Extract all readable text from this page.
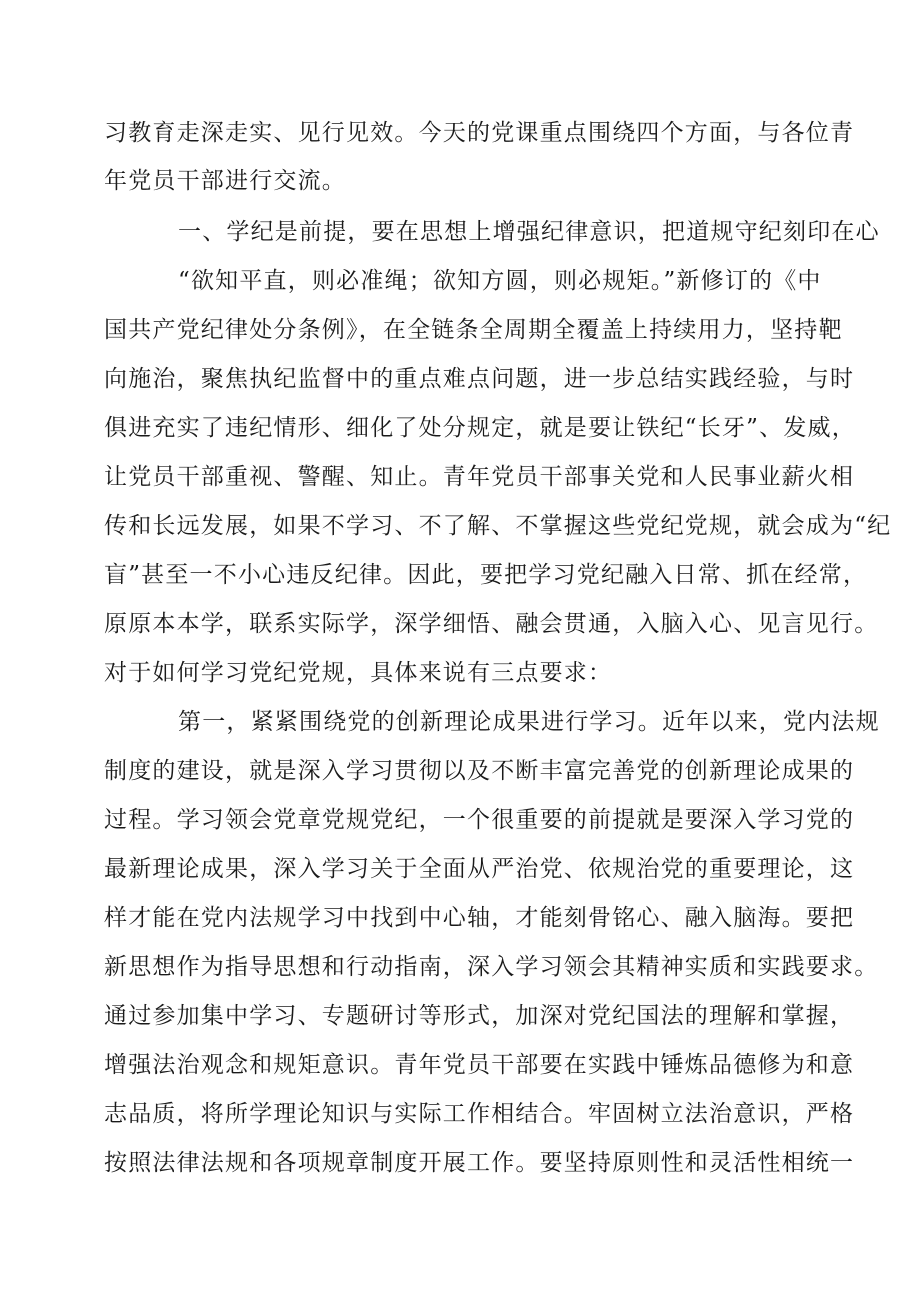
习教育走深走实、见行见效。今天的党课重点围绕四个方面，与各位青
年党员干部进行交流。
一、学纪是前提，要在思想上增强纪律意识，把道规守纪刻印在心
“欲知平直，则必准绳；欲知方圆，则必规矩。”新修订的《中
国共产党纪律处分条例》，在全链条全周期全覆盖上持续用力，坚持靶
向施治，聚焦执纪监督中的重点难点问题，进一步总结实践经验，与时
俱进充实了违纪情形、细化了处分规定，就是要让铁纪“长牙”、发威，
让党员干部重视、警醒、知止。青年党员干部事关党和人民事业薪火相
传和长远发展，如果不学习、不了解、不掌握这些党纪党规，就会成为“纪
盲”甚至一不小心违反纪律。因此，要把学习党纪融入日常、抓在经常，
原原本本学，联系实际学，深学细悟、融会贯通，入脑入心、见言见行。
对于如何学习党纪党规，具体来说有三点要求：
第一，紧紧围绕党的创新理论成果进行学习。近年以来，党内法规
制度的建设，就是深入学习贯彻以及不断丰富完善党的创新理论成果的
过程。学习领会党章党规党纪，一个很重要的前提就是要深入学习党的
最新理论成果，深入学习关于全面从严治党、依规治党的重要理论，这
样才能在党内法规学习中找到中心轴，才能刻骨铭心、融入脑海。要把
新思想作为指导思想和行动指南，深入学习领会其精神实质和实践要求。
通过参加集中学习、专题研讨等形式，加深对党纪国法的理解和掌握，
增强法治观念和规矩意识。青年党员干部要在实践中锤炼品德修为和意
志品质，将所学理论知识与实际工作相结合。牢固树立法治意识，严格
按照法律法规和各项规章制度开展工作。要坚持原则性和灵活性相统一
